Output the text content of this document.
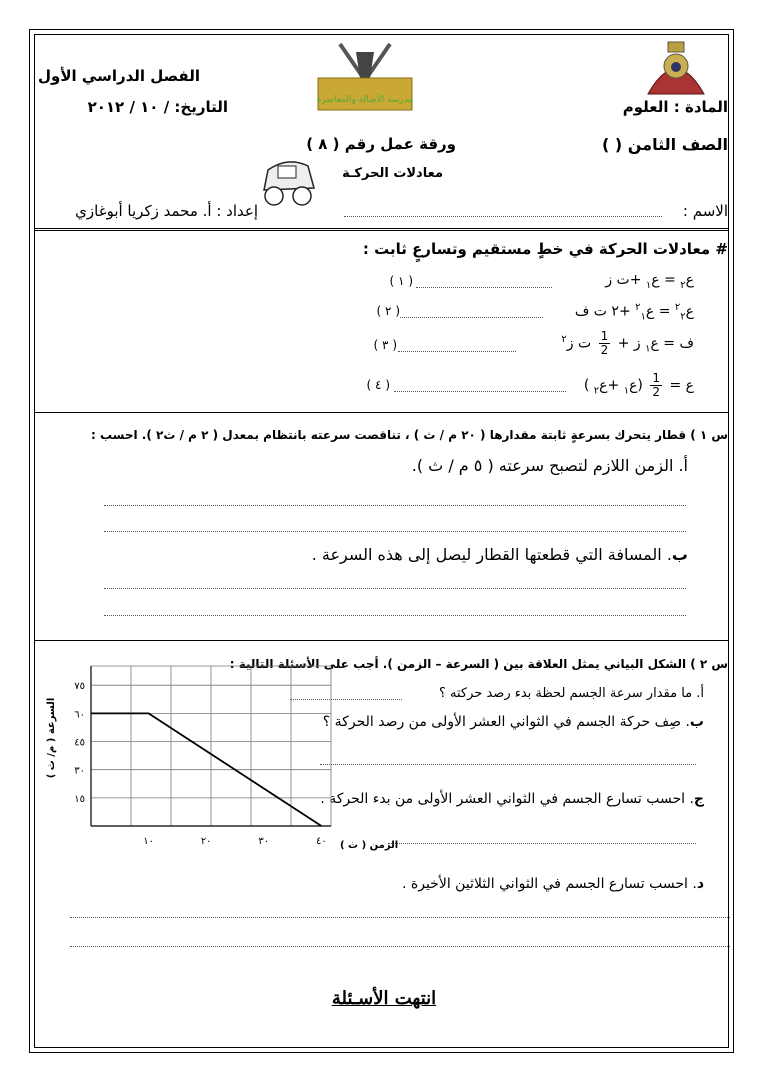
مدرسة الأصالة والمعاصرة
الفصل الدراسي الأول
التاريخ: / ١٠ / ٢٠١٢	المادة : العلوم
الصف الثامن ( )
ورقة عمل رقم ( ٨ )
معادلات الحركـة
الاسم :
إعداد : أ. محمد زكريا أبوغازي
# معادلات الحركة في خطٍ مستقيم وتسارعٍ ثابت :
ع$_٢$ = ع$_١$ +ت ز
( ١ )
ع$^٢_٢$ = ع$^٢_١$ +٢ ت ف
( ٢ )
ف = ع$_١$ ز +
$\frac{1}{2}$
ت ز$^٢$
( ٣ )
ع =
$\frac{1}{2}$
(ع$_١$ +ع$_٢$ )
( ٤ )
س ١ ) قطار يتحرك بسرعةٍ ثابتة مقدارها ( ٢٠ م / ث ) ، تناقصت سرعته بانتظام بمعدل ( ٢ م / ث٢ ). احسب :
أ. الزمن اللازم لتصبح سرعته ( ٥ م / ث ).
ب. المسافة التي قطعتها القطار ليصل إلى هذه السرعة .
س ٢ ) الشكل البياني يمثل العلاقة بين ( السرعة – الزمن ). أجب على الأسئلة التالية :
أ. ما مقدار سرعة الجسم لحظة بدء رصد حركته ؟
ب. صِف حركة الجسم في الثواني العشر الأولى من رصد الحركة ؟
ج. احسب تسارع الجسم في الثواني العشر الأولى من بدء الحركة .
د. احسب تسارع الجسم في الثواني الثلاثين الأخيرة .
١٠	٢٠	٣٠	٤٠
١٥
٣٠
٤٥
٦٠
٧٥
الزمن ( ث )
السرعة ( م/ ث )
انتهت الأسـئلة
